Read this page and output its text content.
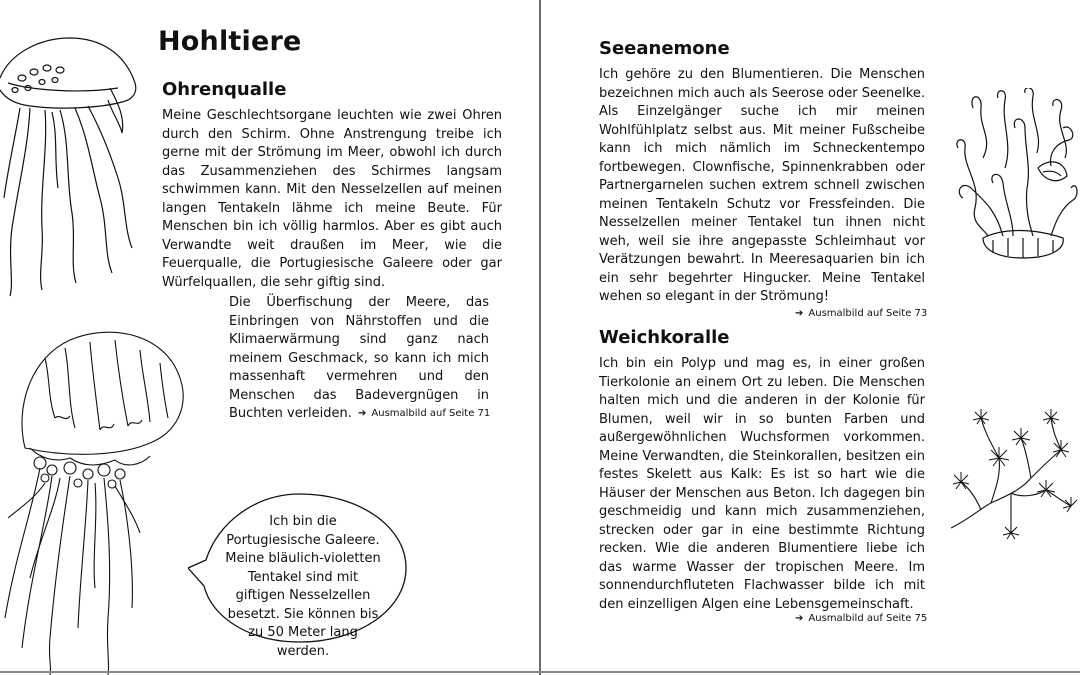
Hohltiere
Ohrenqualle
Meine Geschlechtsorgane leuchten wie zwei Ohren durch den Schirm. Ohne Anstrengung treibe ich gerne mit der Strömung im Meer, obwohl ich durch das Zusammenziehen des Schirmes langsam schwimmen kann. Mit den Nesselzellen auf meinen langen Tentakeln lähme ich meine Beute. Für Menschen bin ich völlig harmlos. Aber es gibt auch Verwandte weit draußen im Meer, wie die Feuerqualle, die Portugiesische Galeere oder gar Würfelquallen, die sehr giftig sind.
Die Überfischung der Meere, das Einbringen von Nährstoffen und die Klimaerwärmung sind ganz nach meinem Geschmack, so kann ich mich massenhaft vermehren und den Menschen das Badevergnügen in Buchten verleiden. ➔ Ausmalbild auf Seite 71
Ich bin die Portugiesische Galeere. Meine bläulich-violetten Tentakel sind mit giftigen Nesselzellen besetzt. Sie können bis zu 50 Meter lang werden.
Seeanemone
Ich gehöre zu den Blumentieren. Die Menschen bezeichnen mich auch als Seerose oder Seenelke. Als Einzelgänger suche ich mir meinen Wohlfühlplatz selbst aus. Mit meiner Fußscheibe kann ich mich nämlich im Schneckentempo fortbewegen. Clownfische, Spinnenkrabben oder Partnergarnelen suchen extrem schnell zwischen meinen Tentakeln Schutz vor Fressfeinden. Die Nesselzellen meiner Tentakel tun ihnen nicht weh, weil sie ihre angepasste Schleimhaut vor Verätzungen bewahrt. In Meeresaquarien bin ich ein sehr begehrter Hingucker. Meine Tentakel wehen so elegant in der Strömung!
➔ Ausmalbild auf Seite 73
Weichkoralle
Ich bin ein Polyp und mag es, in einer großen Tierkolonie an einem Ort zu leben. Die Menschen halten mich und die anderen in der Kolonie für Blumen, weil wir in so bunten Farben und außergewöhnlichen Wuchsformen vorkommen. Meine Verwandten, die Steinkorallen, besitzen ein festes Skelett aus Kalk: Es ist so hart wie die Häuser der Menschen aus Beton. Ich dagegen bin geschmeidig und kann mich zusammenziehen, strecken oder gar in eine bestimmte Richtung recken. Wie die anderen Blumentiere liebe ich das warme Wasser der tropischen Meere. Im sonnendurchfluteten Flachwasser bilde ich mit den einzelligen Algen eine Lebensgemeinschaft.
➔ Ausmalbild auf Seite 75
